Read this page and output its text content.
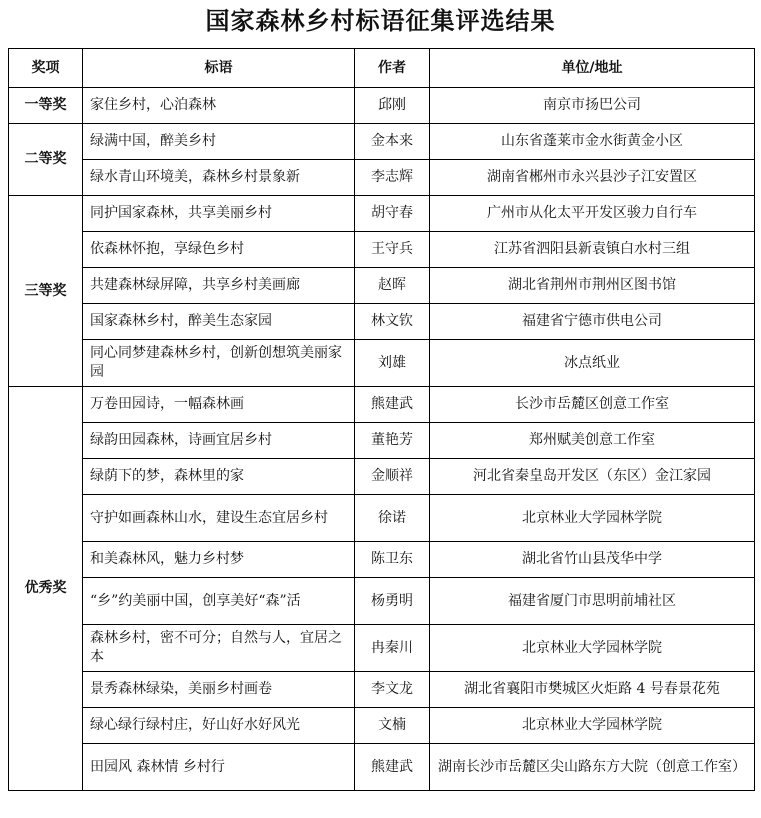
国家森林乡村标语征集评选结果
奖项	标语	作者	单位/地址
一等奖	家住乡村，心泊森林	邱刚	南京市扬巴公司
二等奖	绿满中国，醉美乡村	金本来	山东省蓬莱市金水街黄金小区
	绿水青山环境美，森林乡村景象新	李志辉	湖南省郴州市永兴县沙子江安置区
三等奖	同护国家森林，共享美丽乡村	胡守春	广州市从化太平开发区骏力自行车
	依森林怀抱，享绿色乡村	王守兵	江苏省泗阳县新袁镇白水村三组
	共建森林绿屏障，共享乡村美画廊	赵晖	湖北省荆州市荆州区图书馆
	国家森林乡村，醉美生态家园	林文钦	福建省宁德市供电公司
	同心同梦建森林乡村，创新创想筑美丽家园	刘雄	冰点纸业
优秀奖	万卷田园诗，一幅森林画	熊建武	长沙市岳麓区创意工作室
	绿韵田园森林，诗画宜居乡村	董艳芳	郑州赋美创意工作室
	绿荫下的梦，森林里的家	金顺祥	河北省秦皇岛开发区（东区）金江家园
	守护如画森林山水，建设生态宜居乡村	徐诺	北京林业大学园林学院
	和美森林风，魅力乡村梦	陈卫东	湖北省竹山县茂华中学
	“乡”约美丽中国，创享美好“森”活	杨勇明	福建省厦门市思明前埔社区
	森林乡村，密不可分；自然与人，宜居之本	冉秦川	北京林业大学园林学院
	景秀森林绿染，美丽乡村画卷	李文龙	湖北省襄阳市樊城区火炬路 4 号春景花苑
	绿心绿行绿村庄，好山好水好风光	文楠	北京林业大学园林学院
	田园风 森林情 乡村行	熊建武	湖南长沙市岳麓区尖山路东方大院（创意工作室）
